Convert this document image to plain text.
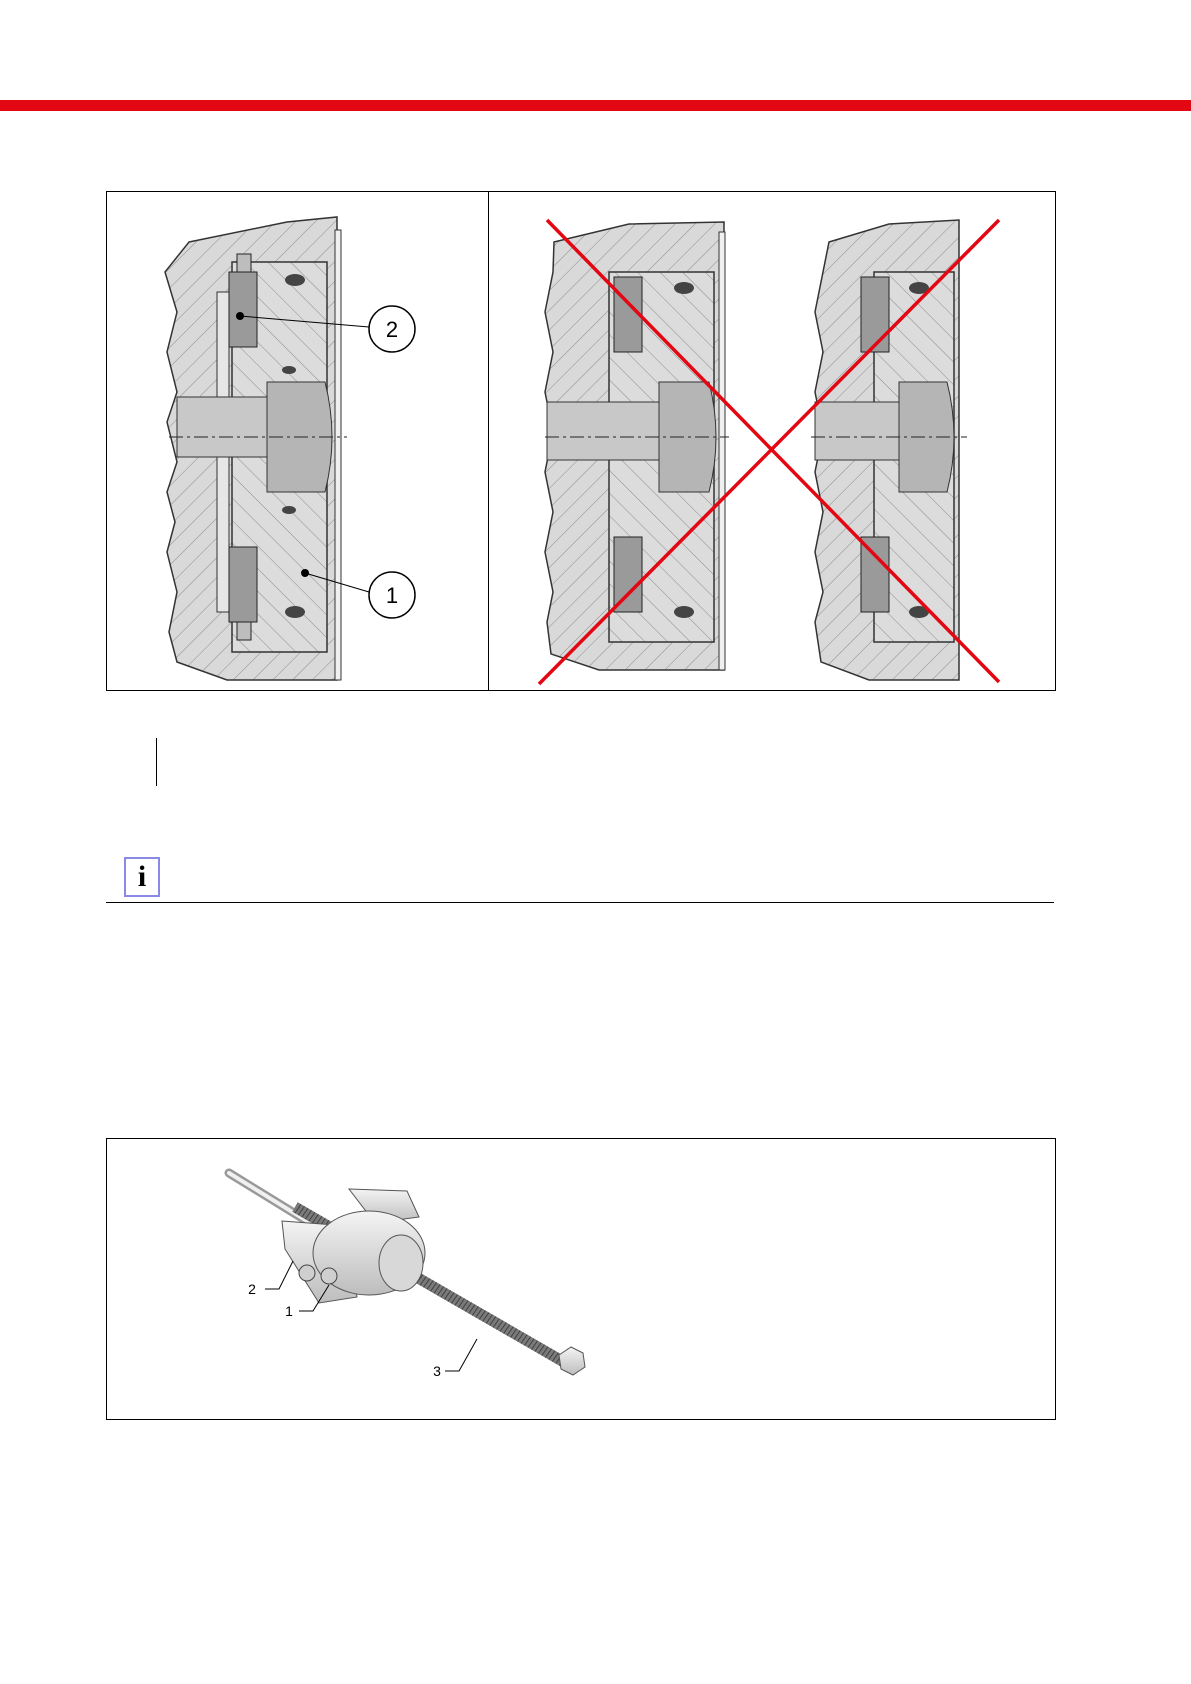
2
1
i
2
1
3
